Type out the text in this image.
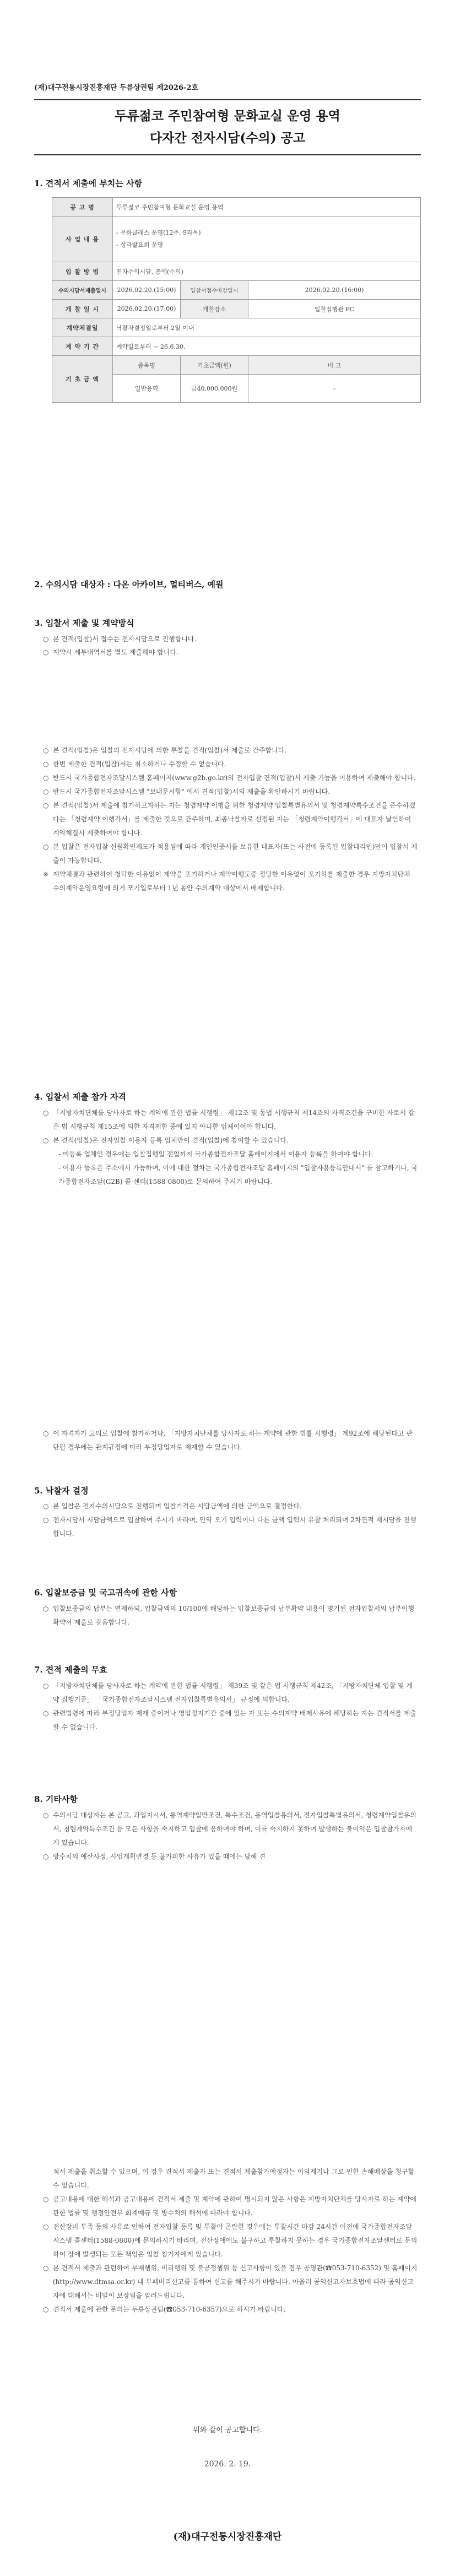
(재)대구전통시장진흥재단 두류상권팀 제2026-2호
두류젊코 주민참여형 문화교실 운영 용역
다자간 전자시담(수의) 공고
1. 견적서 제출에 부치는 사항
공 고 명	두류젊코 주민참여형 문화교실 운영 용역		
사 업 내 용	- 문화클래스 운영(12주, 9과목)
- 성과발표회 운영		

입 찰 방 법	전자수의시담, 총액(수의)		
수의시담서제출일시	2026.02.20.(15:00)	입찰서접수마감일시	2026.02.20.(16:00)
개 찰 일 시	2026.02.20.(17:00)	개찰장소	입찰집행관 PC
계약체결일	낙찰자결정일로부터 2일 이내		
계 약 기 간	계약일로부터 ~ 26.6.30.		
기 초 금 액	종목명	기초금액(원)	비 고
	일반용역	금40,000,000원	-
2. 수의시담 대상자 : 다온 아카이브, 멀티버스, 예원
3. 입찰서 제출 및 계약방식
○ 본 견적(입찰)서 접수는 전자시담으로 진행합니다.
○ 계약시 세부내역서를 별도 제출해야 합니다.
○ 본 견적(입찰)은 입찰의 전자시담에 의한 투찰을 견적(입찰)서 제출로 간주합니다.
○ 한번 제출한 견적(입찰)서는 취소하거나 수정할 수 없습니다.
○ 반드시 국가종합전자조달시스템 홈페이지(www.g2b.go.kr)의 전자입찰 견적(입찰)서 제출 기능을 이용하여 제출해야 합니다.
○ 반드시 국가종합전자조달시스템 "보내문서함" 에서 견적(입찰)서의 제출을 확인하시기 바랍니다.
○ 본 견적(입찰)서 제출에 참가하고자하는 자는 청렴계약 이행을 위한 청렴계약 입찰특별유의서 및 청렴계약특수조건을 준수하겠다는 「청렴계약 이행각서」를 제출한 것으로 간주하며, 최종낙찰자로 선정된 자는 「청렴계약이행각서」에 대표자 날인하여 계약체결시 제출하여야 합니다.
○ 본 입찰은 전자입찰 신원확인제도가 적용됨에 따라 개인인증서를 보유한 대표자(또는 사전에 등록된 입찰대리인)만이 입찰서 제출이 가능합니다.
※ 계약체결과 관련하여 청탁한 이유없이 계약을 포기하거나 계약이행도중 정당한 이유없이 포기하를 제출한 경우 지방자치단체 수의계약운영요령에 의거 포기일로부터 1년 동안 수의계약 대상에서 배제합니다.
4. 입찰서 제출 참가 자격
○ 「지방자치단체를 당사자로 하는 계약에 관한 법률 시행령」 제12조 및 동법 시행규칙 제14조의 자격조건을 구비한 자로서 같은 법 시행규칙 제15조에 의한 자격제한 중에 있지 아니한 업체이어야 합니다.
○ 본 견적(입찰)은 전자입찰 이용자 등록 업체만이 견적(입찰)에 참여할 수 있습니다.
- 미등록 업체인 경우에는 입찰집행일 전일까지 국가종합전자조달 홈페이지에서 이용자 등록을 하여야 합니다.
- 이용자 등록은 주소에서 가능하며, 이에 대한 절차는 국가종합전자조달 홈페이지의 "입찰자용등록안내서" 를 참고하거나, 국가종합전자조달(G2B) 콜-센터(1588-0800)로 문의하여 주시기 바랍니다.
○ 이 자격자가 고의로 입찰에 참가하거나, 「지방자치단체를 당사자로 하는 계약에 관한 법률 시행령」 제92조에 해당된다고 판단될 경우에는 관계규정에 따라 부정당업자로 제재할 수 있습니다.
5. 낙찰자 결정
○ 본 입찰은 전자수의시담으로 진행되며 입찰가격은 시담금액에 의한 금액으로 결정한다.
○ 전자시담서 시담금액으로 입찰하여 주시기 바라며, 만약 오기 입력이나 다른 금액 입력시 유찰 처리되며 2차견적 재시담을 진행합니다.
6. 입찰보증금 및 국고귀속에 관한 사항
○ 입찰보증금의 납부는 면제하되, 입찰금액의 10/100에 해당하는 입찰보증금의 납부확약 내용이 명기된 전자입찰서의 납부이행확약서 제출로 갈음합니다.
7. 견적 제출의 무효
○ 「지방자치단체를 당사자로 하는 계약에 관한 법률 시행령」 제39조 및 같은 법 시행규칙 제42조, 「지방자치단체 입찰 및 계약 집행기준」 「국가종합전자조달시스템 전자입찰특별유의서」 규정에 의합니다.
○ 관련법령에 따라 부정당업자 제재 중이거나 영업정지기간 중에 있는 자 또는 수의계약 배제사유에 해당하는 자는 견적서를 제출할 수 없습니다.
8. 기타사항
○ 수의시담 대상자는 본 공고, 과업지시서, 용역계약일반조건, 특수조건, 용역입찰유의서, 전자입찰특별유의서, 청렴계약입찰유의서, 청렴계약특수조건 등 모든 사항을 숙지하고 입찰에 응하여야 하며, 이를 숙지하지 못하여 발생하는 불이익은 입찰참가자에게 있습니다.
○ 방수치의 예산사정, 사업계획변경 등 불가피한 사유가 있을 때에는 당해 견
적서 제출을 취소할 수 있으며, 이 경우 견적서 제출자 또는 견적서 제출참가예정자는 이의제기나 그로 인한 손해배상을 청구할 수 없습니다.
○ 공고내용에 대한 해석과 공고내용에 견적서 제출 및 계약에 관하여 명시되지 않은 사항은 지방자치단체를 당사자로 하는 계약에 관한 법률 및 행정안전부 회계예규 및 방수치의 해석에 따라야 합니다.
○ 전산장비 부족 등의 사유로 인하여 전자입찰 등록 및 투찰이 곤란한 경우에는 투찰시간 마감 24시간 이전에 국가종합전자조달시스템 콜센터(1588-0800)에 문의하시기 바라며, 전산장애에도 불구하고 투찰하지 못하는 경우 국가종합전자조달센터로 문의하여 장애 발생되는 모든 책임은 입찰 참가자에게 있습니다.
○ 본 견적서 제출과 관련하여 부패행위, 비리행위 및 불공정행위 등 신고사항이 있을 경우 공명관(☎053-710-6352) 및 홈페이지(http://www.dtmsa.or.kr) 내 부패비리신고를 통하여 신고를 해주시기 바랍니다. 아울러 공익신고자보호법에 따라 공익신고자에 대해서는 비밀이 보장됨을 알려드립니다.
○ 견적서 제출에 관한 문의는 두류상권팀(☎053-710-6357)으로 하시기 바랍니다.
위와 같이 공고합니다.
2026. 2. 19.
(재)대구전통시장진흥재단
